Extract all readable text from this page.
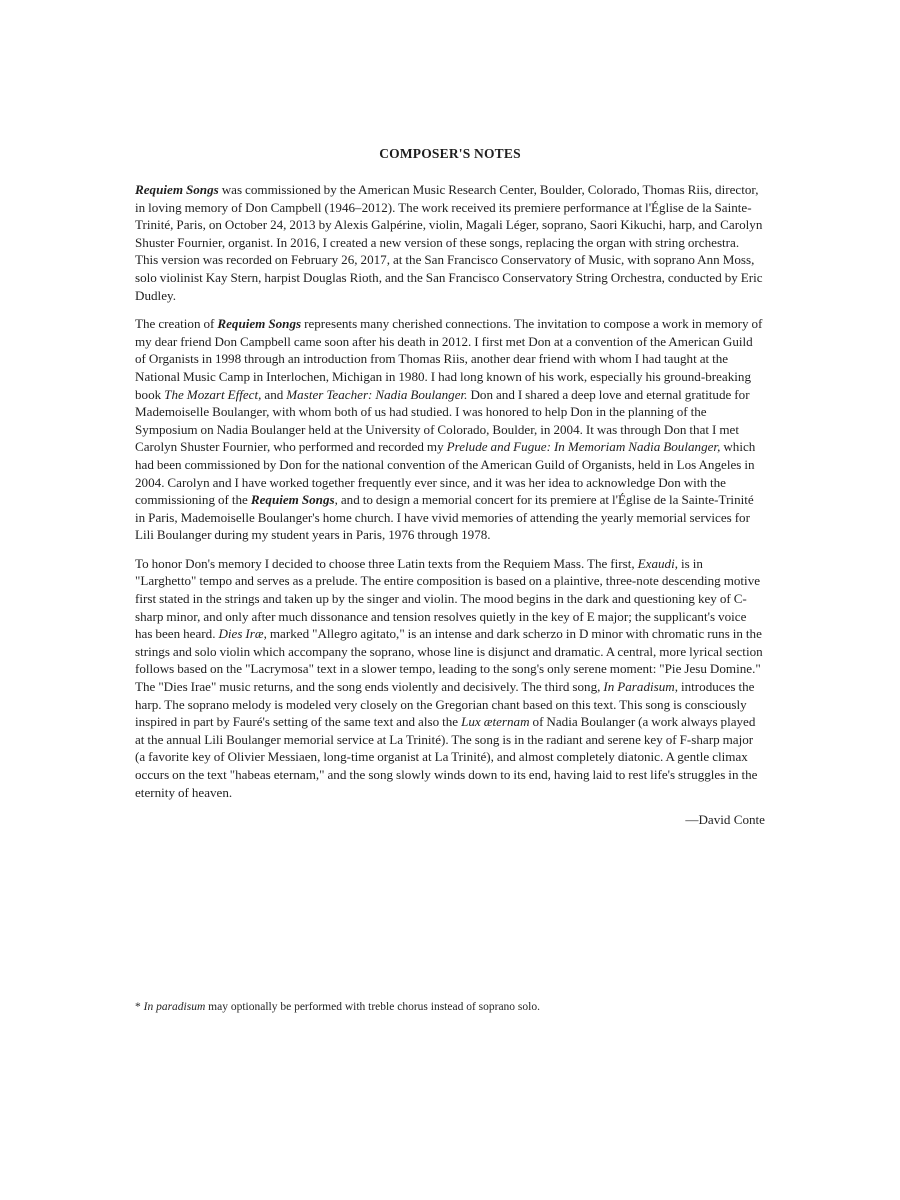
COMPOSER'S NOTES

Requiem Songs was commissioned by the American Music Research Center, Boulder, Colorado, Thomas Riis, director, in loving memory of Don Campbell (1946–2012). The work received its premiere performance at l'Église de la Sainte-Trinité, Paris, on October 24, 2013 by Alexis Galpérine, violin, Magali Léger, soprano, Saori Kikuchi, harp, and Carolyn Shuster Fournier, organist. In 2016, I created a new version of these songs, replacing the organ with string orchestra. This version was recorded on February 26, 2017, at the San Francisco Conservatory of Music, with soprano Ann Moss, solo violinist Kay Stern, harpist Douglas Rioth, and the San Francisco Conservatory String Orchestra, conducted by Eric Dudley.

The creation of Requiem Songs represents many cherished connections. The invitation to compose a work in memory of my dear friend Don Campbell came soon after his death in 2012. I first met Don at a convention of the American Guild of Organists in 1998 through an introduction from Thomas Riis, another dear friend with whom I had taught at the National Music Camp in Interlochen, Michigan in 1980. I had long known of his work, especially his ground-breaking book The Mozart Effect, and Master Teacher: Nadia Boulanger. Don and I shared a deep love and eternal gratitude for Mademoiselle Boulanger, with whom both of us had studied. I was honored to help Don in the planning of the Symposium on Nadia Boulanger held at the University of Colorado, Boulder, in 2004. It was through Don that I met Carolyn Shuster Fournier, who performed and recorded my Prelude and Fugue: In Memoriam Nadia Boulanger, which had been commissioned by Don for the national convention of the American Guild of Organists, held in Los Angeles in 2004. Carolyn and I have worked together frequently ever since, and it was her idea to acknowledge Don with the commissioning of the Requiem Songs, and to design a memorial concert for its premiere at l'Église de la Sainte-Trinité in Paris, Mademoiselle Boulanger's home church. I have vivid memories of attending the yearly memorial services for Lili Boulanger during my student years in Paris, 1976 through 1978.

To honor Don's memory I decided to choose three Latin texts from the Requiem Mass. The first, Exaudi, is in "Larghetto" tempo and serves as a prelude. The entire composition is based on a plaintive, three-note descending motive first stated in the strings and taken up by the singer and violin. The mood begins in the dark and questioning key of C-sharp minor, and only after much dissonance and tension resolves quietly in the key of E major; the supplicant's voice has been heard. Dies Iræ, marked "Allegro agitato," is an intense and dark scherzo in D minor with chromatic runs in the strings and solo violin which accompany the soprano, whose line is disjunct and dramatic. A central, more lyrical section follows based on the "Lacrymosa" text in a slower tempo, leading to the song's only serene moment: "Pie Jesu Domine." The "Dies Irae" music returns, and the song ends violently and decisively. The third song, In Paradisum, introduces the harp. The soprano melody is modeled very closely on the Gregorian chant based on this text. This song is consciously inspired in part by Fauré's setting of the same text and also the Lux æternam of Nadia Boulanger (a work always played at the annual Lili Boulanger memorial service at La Trinité). The song is in the radiant and serene key of F-sharp major (a favorite key of Olivier Messiaen, long-time organist at La Trinité), and almost completely diatonic. A gentle climax occurs on the text "habeas eternam," and the song slowly winds down to its end, having laid to rest life's struggles in the eternity of heaven.

—David Conte
* In paradisum may optionally be performed with treble chorus instead of soprano solo.
